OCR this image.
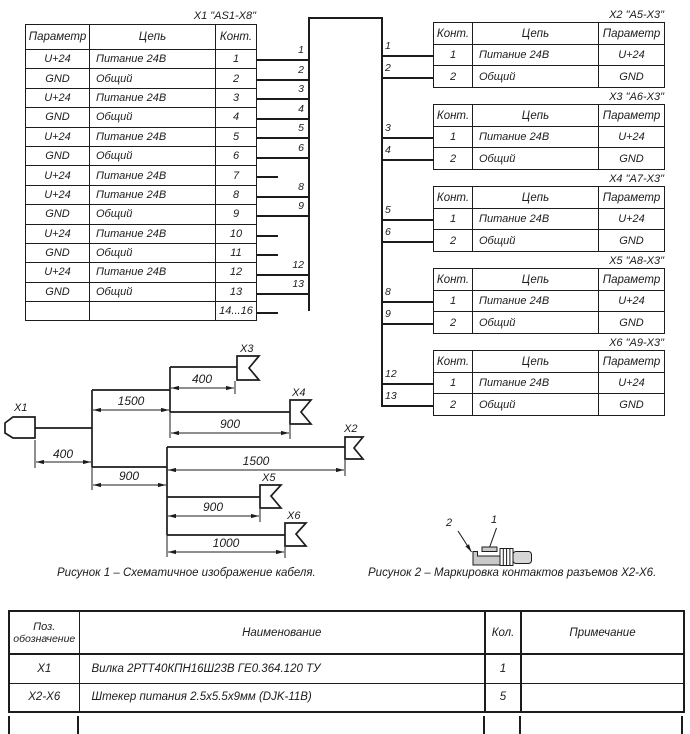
X1 "AS1-X8"
Параметр	Цепь	Конт.
U+24	Питание 24В	1
GND	Общий	2
U+24	Питание 24В	3
GND	Общий	4
U+24	Питание 24В	5
GND	Общий	6
U+24	Питание 24В	7
U+24	Питание 24В	8
GND	Общий	9
U+24	Питание 24В	10
GND	Общий	11
U+24	Питание 24В	12
GND	Общий	13
		14...16
X2 "A5-X3"
Конт.	Цепь	Параметр
1	Питание 24В	U+24
2	Общий	GND
X3 "A6-X3"
Конт.	Цепь	Параметр
1	Питание 24В	U+24
2	Общий	GND
X4 "A7-X3"
Конт.	Цепь	Параметр
1	Питание 24В	U+24
2	Общий	GND
X5 "A8-X3"
Конт.	Цепь	Параметр
1	Питание 24В	U+24
2	Общий	GND
X6 "A9-X3"
Конт.	Цепь	Параметр
1	Питание 24В	U+24
2	Общий	GND
1
2
3
4
5
6
8
9
12
13
1
2
3
4
5
6
8
9
12
13
X1
X2
X3
X4
X5
X6
400
1500
400
900
900
1500
900
1000
Рисунок 1 – Схематичное изображение кабеля.
2	1
Рисунок 2 – Маркировка контактов разъемов X2-X6.
Поз.
обозначение	Наименование	Кол.	Примечание
X1	Вилка 2РТТ40КПН16Ш23В ГЕ0.364.120 ТУ	1	
X2-X6	Штекер питания 2.5х5.5х9мм (DJK-11B)	5	
